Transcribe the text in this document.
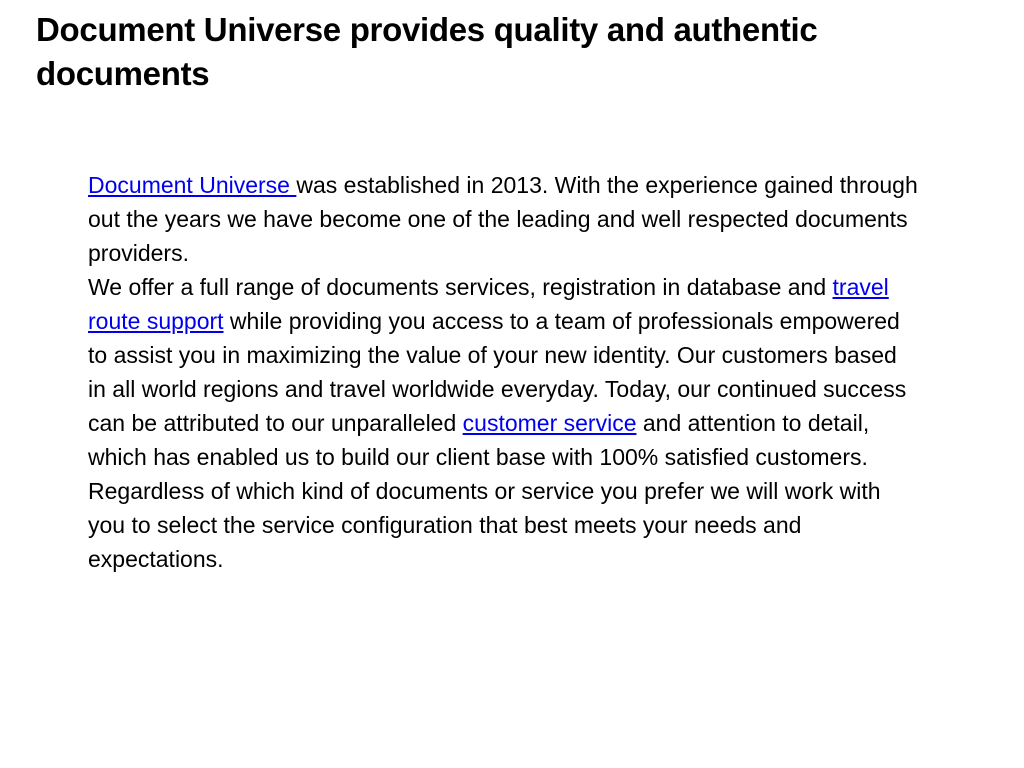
Document Universe provides quality and authentic documents

Document Universe was established in 2013. With the experience gained through out the years we have become one of the leading and well respected documents providers.

We offer a full range of documents services, registration in database and travel route support while providing you access to a team of professionals empowered to assist you in maximizing the value of your new identity. Our customers based in all world regions and travel worldwide everyday. Today, our continued success can be attributed to our unparalleled customer service and attention to detail, which has enabled us to build our client base with 100% satisfied customers. Regardless of which kind of documents or service you prefer we will work with you to select the service configuration that best meets your needs and expectations.
